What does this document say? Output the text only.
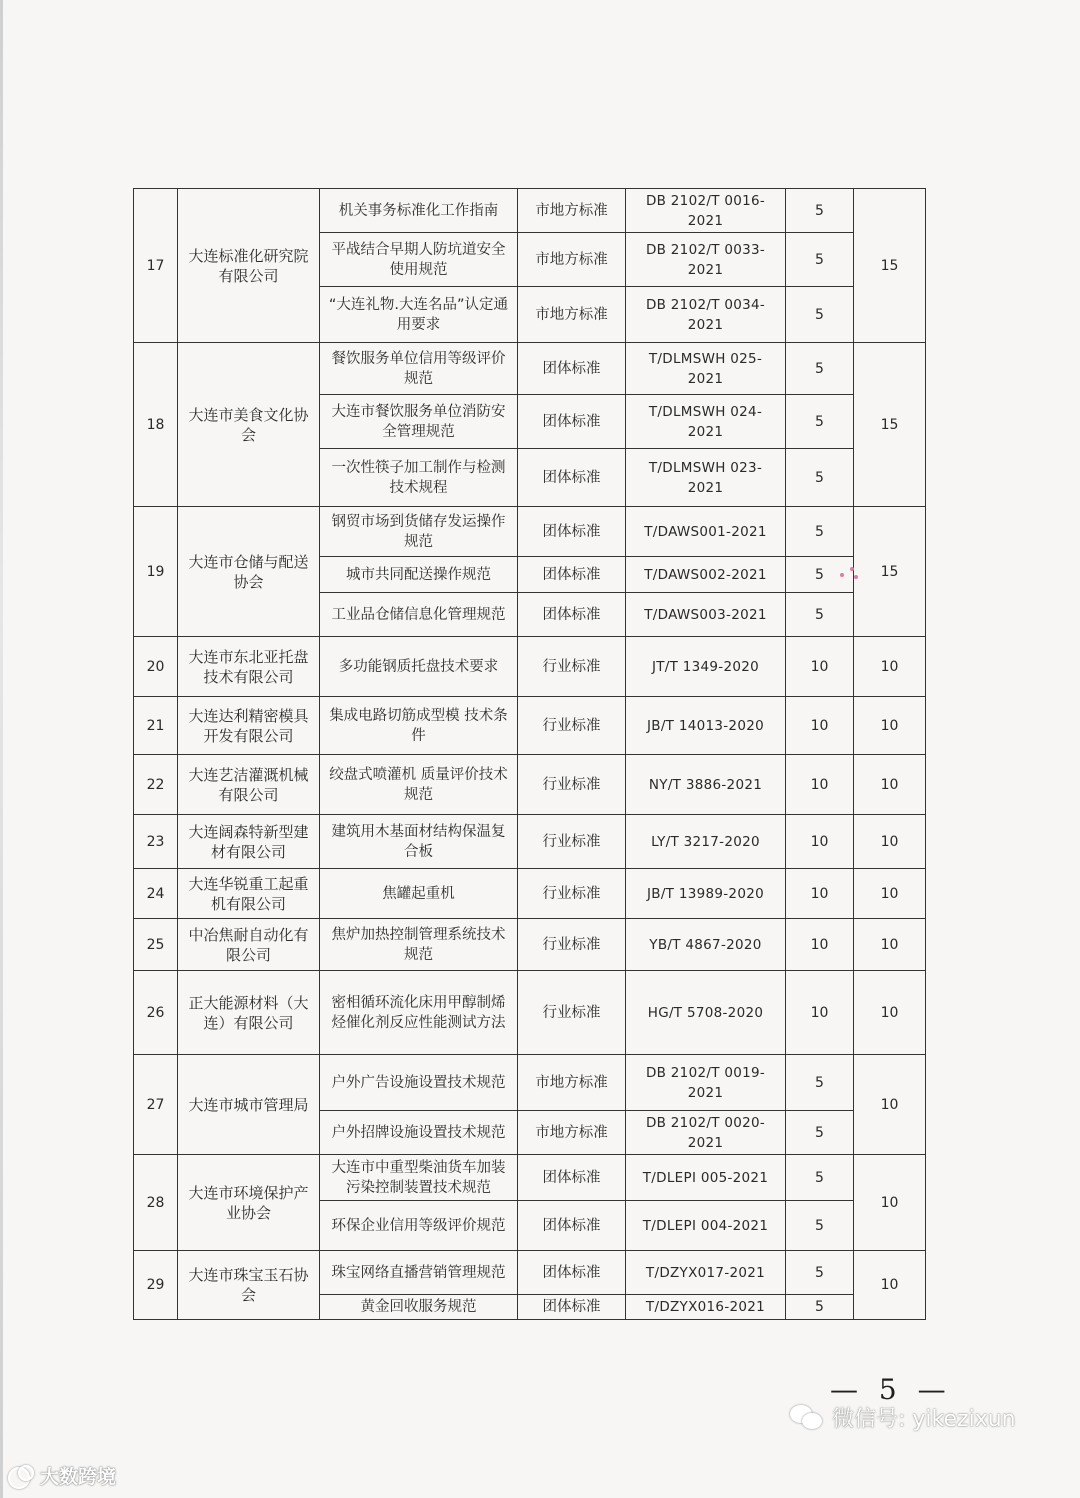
17	大连标准化研究院有限公司	机关事务标准化工作指南	市地方标准	DB 2102/T 0016-2021	5	15
		平战结合早期人防坑道安全使用规范	市地方标准	DB 2102/T 0033-2021	5	
		“大连礼物.大连名品”认定通用要求	市地方标准	DB 2102/T 0034-2021	5	
18	大连市美食文化协会	餐饮服务单位信用等级评价规范	团体标准	T/DLMSWH 025-2021	5	15
		大连市餐饮服务单位消防安全管理规范	团体标准	T/DLMSWH 024-2021	5	
		一次性筷子加工制作与检测技术规程	团体标准	T/DLMSWH 023-2021	5	
19	大连市仓储与配送协会	钢贸市场到货储存发运操作规范	团体标准	T/DAWS001-2021	5	15
		城市共同配送操作规范	团体标准	T/DAWS002-2021	5	
		工业品仓储信息化管理规范	团体标准	T/DAWS003-2021	5	
20	大连市东北亚托盘技术有限公司	多功能钢质托盘技术要求	行业标准	JT/T 1349-2020	10	10
21	大连达利精密模具开发有限公司	集成电路切筋成型模 技术条件	行业标准	JB/T 14013-2020	10	10
22	大连艺洁灌溉机械有限公司	绞盘式喷灌机 质量评价技术规范	行业标准	NY/T 3886-2021	10	10
23	大连阔森特新型建材有限公司	建筑用木基面材结构保温复合板	行业标准	LY/T 3217-2020	10	10
24	大连华锐重工起重机有限公司	焦罐起重机	行业标准	JB/T 13989-2020	10	10
25	中冶焦耐自动化有限公司	焦炉加热控制管理系统技术规范	行业标准	YB/T 4867-2020	10	10
26	正大能源材料（大连）有限公司	密相循环流化床用甲醇制烯烃催化剂反应性能测试方法	行业标准	HG/T 5708-2020	10	10
27	大连市城市管理局	户外广告设施设置技术规范	市地方标准	DB 2102/T 0019-2021	5	10
		户外招牌设施设置技术规范	市地方标准	DB 2102/T 0020-2021	5	
28	大连市环境保护产业协会	大连市中重型柴油货车加装污染控制装置技术规范	团体标准	T/DLEPI 005-2021	5	10
		环保企业信用等级评价规范	团体标准	T/DLEPI 004-2021	5	
29	大连市珠宝玉石协会	珠宝网络直播营销管理规范	团体标准	T/DZYX017-2021	5	10
		黄金回收服务规范	团体标准	T/DZYX016-2021	5	
— 5 —
微信号: yikezixun
大数跨境
